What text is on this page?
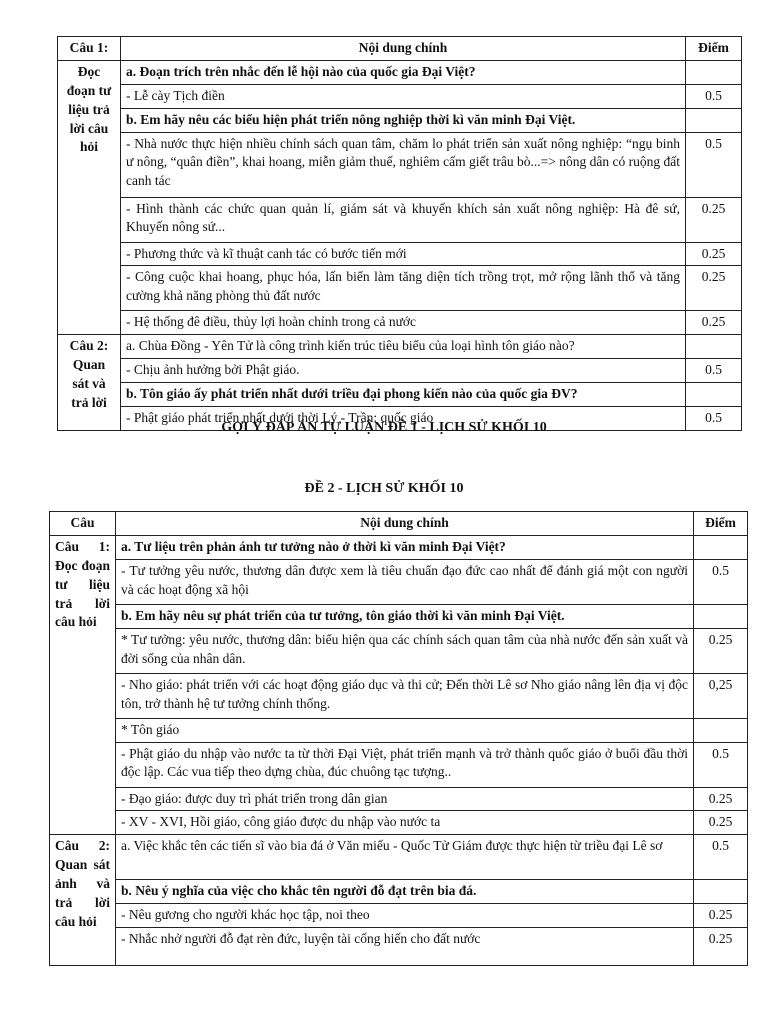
Câu 1:	Nội dung chính	Điểm
Đọc đoạn tư liệu trả lời câu hỏi	a. Đoạn trích trên nhắc đến lễ hội nào của quốc gia Đại Việt?	
	- Lễ cày Tịch điền	0.5
	b. Em hãy nêu các biểu hiện phát triển nông nghiệp thời kì văn minh Đại Việt.	
	- Nhà nước thực hiện nhiều chính sách quan tâm, chăm lo phát triển sản xuất nông nghiệp: “ngụ binh ư nông, “quân điền”, khai hoang, miễn giảm thuế, nghiêm cấm giết trâu bò...=> nông dân có ruộng đất canh tác	0.5
	- Hình thành các chức quan quản lí, giám sát và khuyến khích sản xuất nông nghiệp: Hà đê sứ, Khuyến nông sứ...	0.25
	- Phương thức và kĩ thuật canh tác có bước tiến mới	0.25
	- Công cuộc khai hoang, phục hóa, lấn biển làm tăng diện tích trồng trọt, mở rộng lãnh thổ và tăng cường khả năng phòng thủ đất nước	0.25
	- Hệ thống đê điều, thủy lợi hoàn chỉnh trong cả nước	0.25
Câu 2: Quan sát và trả lời	a. Chùa Đồng - Yên Tử là công trình kiến trúc tiêu biểu của loại hình tôn giáo nào?	
	- Chịu ảnh hưởng bởi Phật giáo.	0.5
	b. Tôn giáo ấy phát triển nhất dưới triều đại phong kiến nào của quốc gia ĐV?	
	- Phật giáo phát triển nhất dưới thời Lý - Trần: quốc giáo	0.5
GỢI Ý ĐÁP ÁN TỰ LUẬN ĐỀ 1 - LỊCH SỬ KHỐI 10
ĐỀ 2 - LỊCH SỬ KHỐI 10
Câu	Nội dung chính	Điểm
Câu 1: Đọc đoạn tư liệu trả lời câu hỏi	a. Tư liệu trên phản ánh tư tưởng nào ở thời kì văn minh Đại Việt?	
	- Tư tưởng yêu nước, thương dân được xem là tiêu chuẩn đạo đức cao nhất để đánh giá một con người và các hoạt động xã hội	0.5
	b. Em hãy nêu sự phát triển của tư tưởng, tôn giáo thời kì văn minh Đại Việt.	
	* Tư tưởng: yêu nước, thương dân: biểu hiện qua các chính sách quan tâm của nhà nước đến sản xuất và đời sống của nhân dân.	0.25
	- Nho giáo: phát triển với các hoạt động giáo dục và thi cử; Đến thời Lê sơ Nho giáo nâng lên địa vị độc tôn, trở thành hệ tư tưởng chính thống.	0,25
	* Tôn giáo	
	- Phật giáo du nhập vào nước ta từ thời Đại Việt, phát triển mạnh và trở thành quốc giáo ở buổi đầu thời độc lập. Các vua tiếp theo dựng chùa, đúc chuông tạc tượng..	0.5
	- Đạo giáo: được duy trì phát triển trong dân gian	0.25
	- XV - XVI, Hồi giáo, công giáo được du nhập vào nước ta	0.25
Câu 2: Quan sát ảnh và trả lời câu hỏi	a. Việc khắc tên các tiến sĩ vào bia đá ở Văn miếu - Quốc Tử Giám được thực hiện từ triều đại Lê sơ	0.5
	b. Nêu ý nghĩa của việc cho khắc tên người đỗ đạt trên bia đá.	
	- Nêu gương cho người khác học tập, noi theo	0.25
	- Nhắc nhở người đỗ đạt rèn đức, luyện tài cống hiến cho đất nước	0.25
